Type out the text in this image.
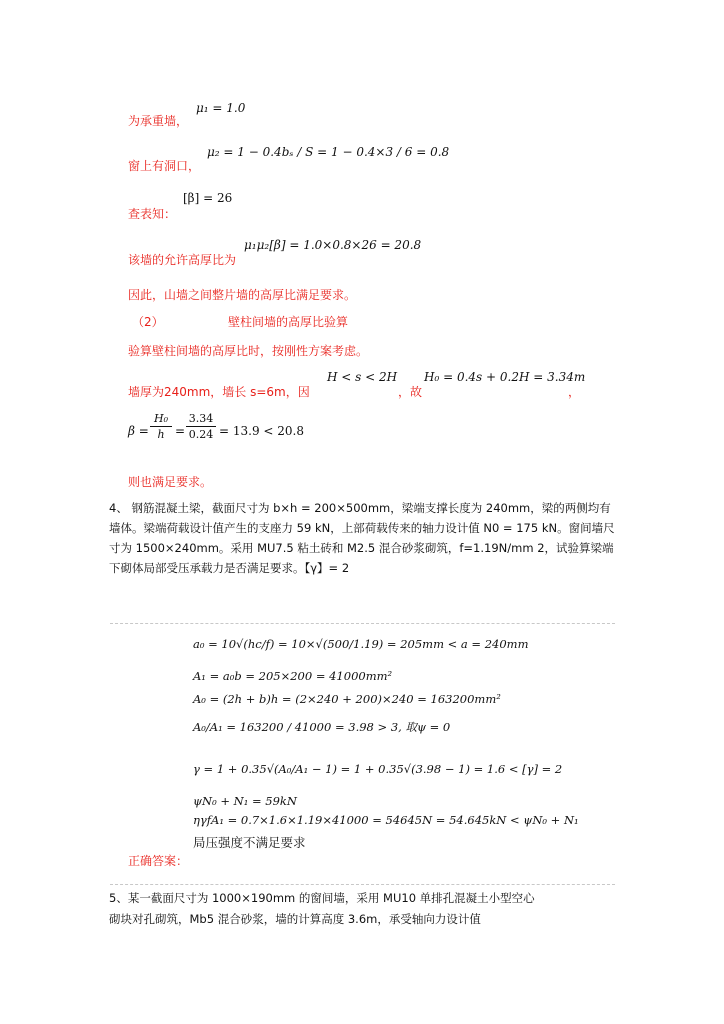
μ₁ = 1.0
为承重墙，
μ₂ = 1 − 0.4bₛ / S = 1 − 0.4×3 / 6 = 0.8
窗上有洞口，
[β] = 26
查表知：
μ₁μ₂[β] = 1.0×0.8×26 = 20.8
该墙的允许高厚比为
因此，山墙之间整片墙的高厚比满足要求。
（2）	壁柱间墙的高厚比验算
验算壁柱间墙的高厚比时，按刚性方案考虑。
H < s < 2H H₀ = 0.4s + 0.2H = 3.34m
墙厚为240mm，墙长 s=6m，因	，故	，
β =
H₀
h =
3.34
0.24 = 13.9 < 20.8
则也满足要求。
4、 钢筋混凝土梁，截面尺寸为 b×h = 200×500mm，梁端支撑长度为 240mm，梁的两侧均有墙体。梁端荷载设计值产生的支座力 59 kN，上部荷载传来的轴力设计值 N0 = 175 kN。窗间墙尺寸为 1500×240mm。采用 MU7.5 粘土砖和 M2.5 混合砂浆砌筑，f=1.19N/mm 2，试验算梁端下砌体局部受压承载力是否满足要求。【γ】= 2
a₀ = 10√(hc/f) = 10×√(500/1.19) = 205mm < a = 240mm
A₁ = a₀b = 205×200 = 41000mm²
A₀ = (2h + b)h = (2×240 + 200)×240 = 163200mm²
A₀/A₁ = 163200 / 41000 = 3.98 > 3, 取ψ = 0
γ = 1 + 0.35√(A₀/A₁ − 1) = 1 + 0.35√(3.98 − 1) = 1.6 < [γ] = 2
ψN₀ + N₁ = 59kN
ηγfA₁ = 0.7×1.6×1.19×41000 = 54645N = 54.645kN < ψN₀ + N₁
局压强度不满足要求
正确答案：
5、某一截面尺寸为 1000×190mm 的窗间墙，采用 MU10 单排孔混凝土小型空心
砌块对孔砌筑，Mb5 混合砂浆，墙的计算高度 3.6m，承受轴向力设计值
